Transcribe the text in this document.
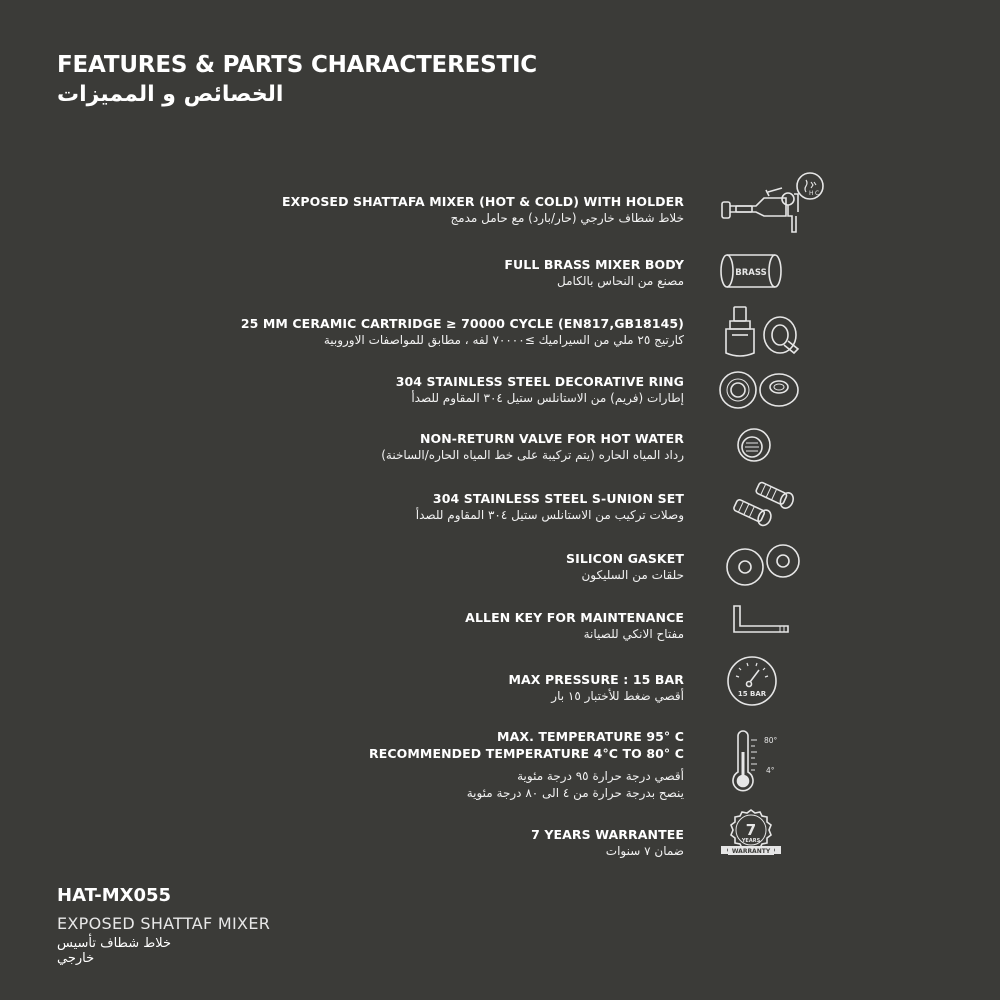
FEATURES & PARTS CHARACTERESTIC
الخصائص و المميزات
EXPOSED SHATTAFA MIXER (HOT & COLD) WITH HOLDER
خلاط شطاف خارجي (حار/بارد) مع حامل مدمج
H C
FULL BRASS MIXER BODY
مصنع من النحاس بالكامل
BRASS
25 MM CERAMIC CARTRIDGE ≥ 70000 CYCLE (EN817,GB18145)
كارتيج ٢٥ ملي من السيراميك ≥٧٠٠٠٠ لفه ، مطابق للمواصفات الاوروبية
304 STAINLESS STEEL DECORATIVE RING
إطارات (فريم) من الاستانلس ستيل ٣٠٤ المقاوم للصدأ
NON-RETURN VALVE FOR HOT WATER
رداد المياه الحاره (يتم تركيبة على خط المياه الحاره/الساخنة)
304 STAINLESS STEEL S-UNION SET
وصلات تركيب من الاستانلس ستيل ٣٠٤ المقاوم للصدأ
SILICON GASKET
حلقات من السليكون
ALLEN KEY FOR MAINTENANCE
مفتاح الانكي للصيانة
MAX PRESSURE : 15 BAR
أقصي ضغط للأختبار ١٥ بار	15 BAR
MAX. TEMPERATURE 95° C
RECOMMENDED TEMPERATURE 4°C TO 80° C
أقصي درجة حرارة ٩٥ درجة مئوية
ينصح بدرجة حرارة من ٤ الى ٨٠ درجة مئوية
80°
4°
7 YEARS WARRANTEE
ضمان ٧ سنوات
7
YEARS
WARRANTY
HAT-MX055
EXPOSED SHATTAF MIXER
خلاط شطاف تأسيس خارجي
